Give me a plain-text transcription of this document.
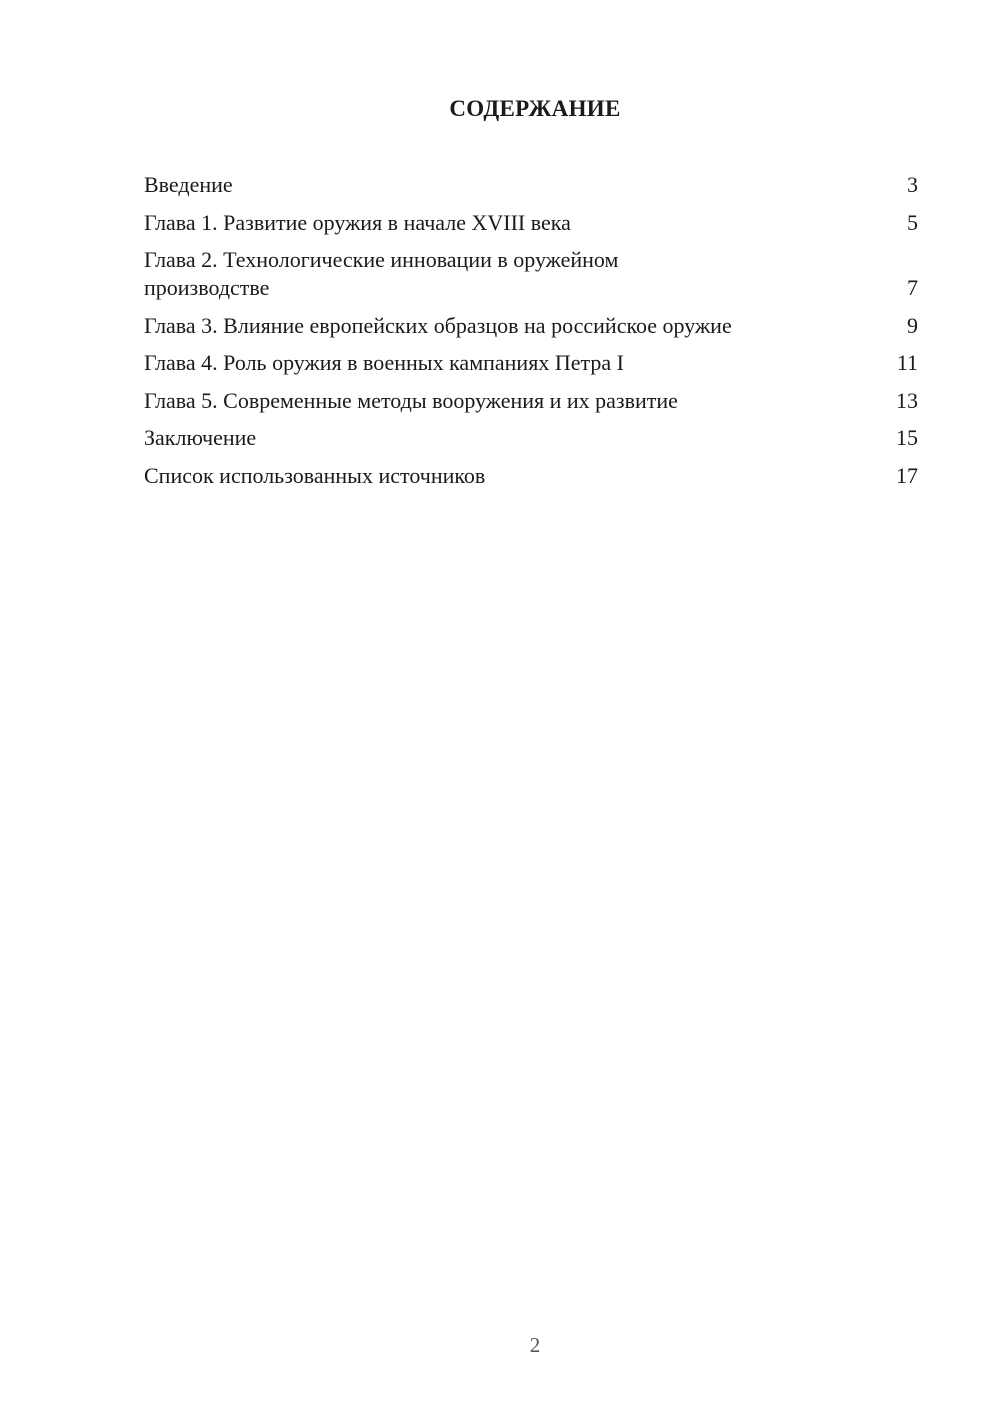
СОДЕРЖАНИЕ
Введение	3
Глава 1. Развитие оружия в начале XVIII века	5
Глава 2. Технологические инновации в оружейном производстве	7
Глава 3. Влияние европейских образцов на российское оружие	9
Глава 4. Роль оружия в военных кампаниях Петра I	11
Глава 5. Современные методы вооружения и их развитие	13
Заключение	15
Список использованных источников	17
2
